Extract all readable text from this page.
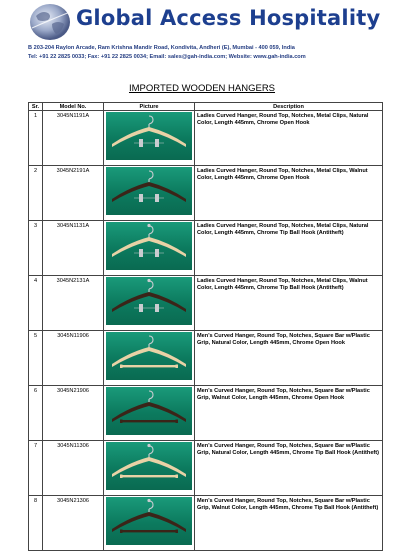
Global Access Hospitality
B 203-204 Raylon Arcade, Ram Krishna Mandir Road, Kondivita, Andheri (E), Mumbai - 400 059, India
Tel: +91 22 2825 0033; Fax: +91 22 2825 0034; Email: sales@gah-india.com; Website: www.gah-india.com
IMPORTED WOODEN HANGERS
Sr.	Model No.	Picture	Description
1	3045N1191A		Ladies Curved Hanger, Round Top, Notches, Metal Clips, Natural Color, Length 445mm, Chrome Open Hook
2	3045N2191A		Ladies Curved Hanger, Round Top, Notches, Metal Clips, Walnut Color, Length 445mm, Chrome Open Hook
3	3045N1131A		Ladies Curved Hanger, Round Top, Notches, Metal Clips, Natural Color, Length 445mm, Chrome Tip Ball Hook (Antitheft)
4	3045N2131A		Ladies Curved Hanger, Round Top, Notches, Metal Clips, Walnut Color, Length 445mm, Chrome Tip Ball Hook (Antitheft)
5	3045N11906		Men's Curved Hanger, Round Top, Notches, Square Bar w/Plastic Grip, Natural Color, Length 445mm, Chrome Open Hook
6	3045N21906		Men's Curved Hanger, Round Top, Notches, Square Bar w/Plastic Grip, Walnut Color, Length 445mm, Chrome Open Hook
7	3045N11306		Men's Curved Hanger, Round Top, Notches, Square Bar w/Plastic Grip, Natural Color, Length 445mm, Chrome Tip Ball Hook (Antitheft)
8	3045N21306		Men's Curved Hanger, Round Top, Notches, Square Bar w/Plastic Grip, Walnut Color, Length 445mm, Chrome Tip Ball Hook (Antitheft)
